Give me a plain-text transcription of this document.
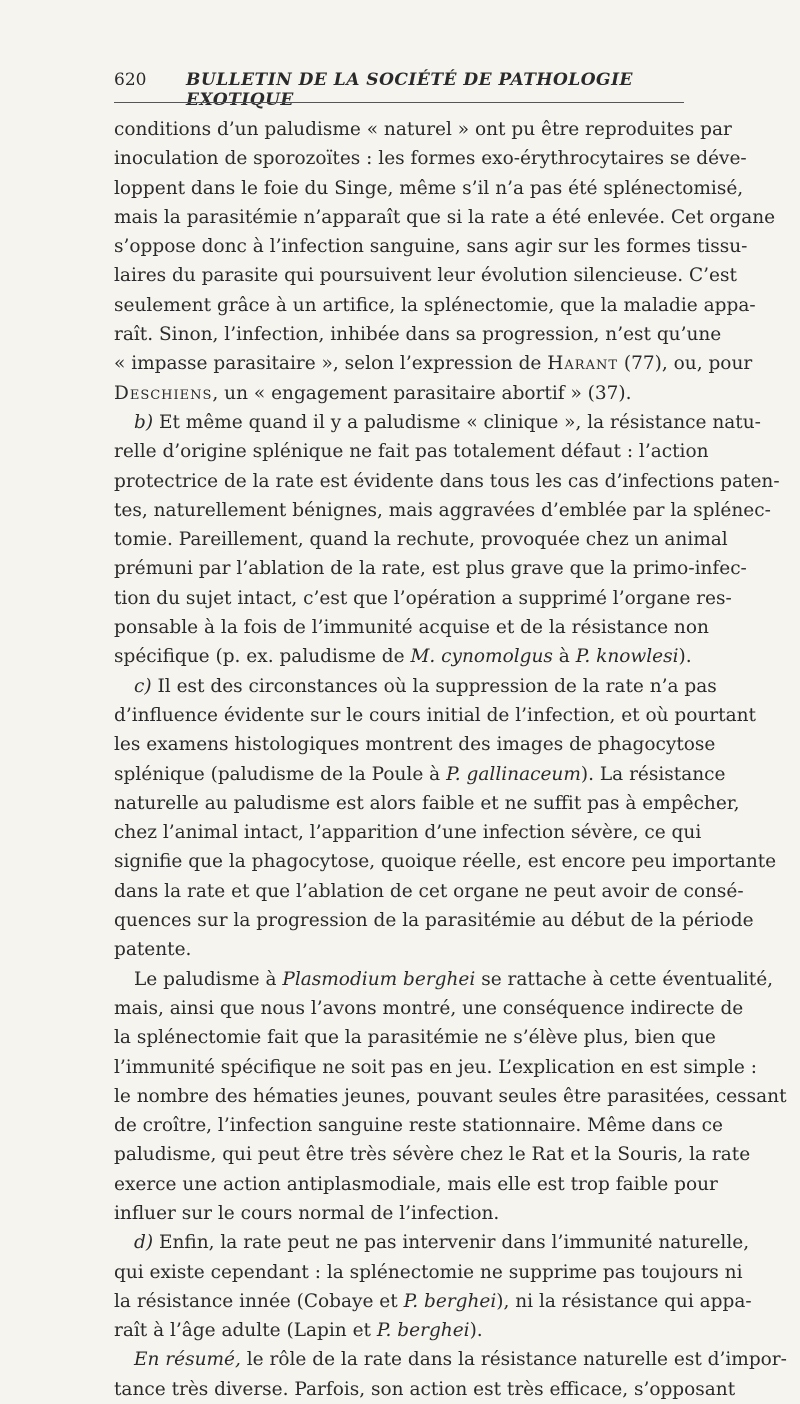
620 BULLETIN DE LA SOCIÉTÉ DE PATHOLOGIE EXOTIQUE
conditions d’un paludisme « naturel » ont pu être reproduites par
inoculation de sporozoïtes : les formes exo-érythrocytaires se déve-
loppent dans le foie du Singe, même s’il n’a pas été splénectomisé,
mais la parasitémie n’apparaît que si la rate a été enlevée. Cet organe
s’oppose donc à l’infection sanguine, sans agir sur les formes tissu-
laires du parasite qui poursuivent leur évolution silencieuse. C’est
seulement grâce à un artifice, la splénectomie, que la maladie appa-
raît. Sinon, l’infection, inhibée dans sa progression, n’est qu’une
« impasse parasitaire », selon l’expression de Harant (77), ou, pour
Deschiens, un « engagement parasitaire abortif » (37).
b) Et même quand il y a paludisme « clinique », la résistance natu-
relle d’origine splénique ne fait pas totalement défaut : l’action
protectrice de la rate est évidente dans tous les cas d’infections paten-
tes, naturellement bénignes, mais aggravées d’emblée par la splénec-
tomie. Pareillement, quand la rechute, provoquée chez un animal
prémuni par l’ablation de la rate, est plus grave que la primo-infec-
tion du sujet intact, c’est que l’opération a supprimé l’organe res-
ponsable à la fois de l’immunité acquise et de la résistance non
spécifique (p. ex. paludisme de M. cynomolgus à P. knowlesi).
c) Il est des circonstances où la suppression de la rate n’a pas
d’influence évidente sur le cours initial de l’infection, et où pourtant
les examens histologiques montrent des images de phagocytose
splénique (paludisme de la Poule à P. gallinaceum). La résistance
naturelle au paludisme est alors faible et ne suffit pas à empêcher,
chez l’animal intact, l’apparition d’une infection sévère, ce qui
signifie que la phagocytose, quoique réelle, est encore peu importante
dans la rate et que l’ablation de cet organe ne peut avoir de consé-
quences sur la progression de la parasitémie au début de la période
patente.
Le paludisme à Plasmodium berghei se rattache à cette éventualité,
mais, ainsi que nous l’avons montré, une conséquence indirecte de
la splénectomie fait que la parasitémie ne s’élève plus, bien que
l’immunité spécifique ne soit pas en jeu. L’explication en est simple :
le nombre des hématies jeunes, pouvant seules être parasitées, cessant
de croître, l’infection sanguine reste stationnaire. Même dans ce
paludisme, qui peut être très sévère chez le Rat et la Souris, la rate
exerce une action antiplasmodiale, mais elle est trop faible pour
influer sur le cours normal de l’infection.
d) Enfin, la rate peut ne pas intervenir dans l’immunité naturelle,
qui existe cependant : la splénectomie ne supprime pas toujours ni
la résistance innée (Cobaye et P. berghei), ni la résistance qui appa-
raît à l’âge adulte (Lapin et P. berghei).
En résumé, le rôle de la rate dans la résistance naturelle est d’impor-
tance très diverse. Parfois, son action est très efficace, s’opposant
